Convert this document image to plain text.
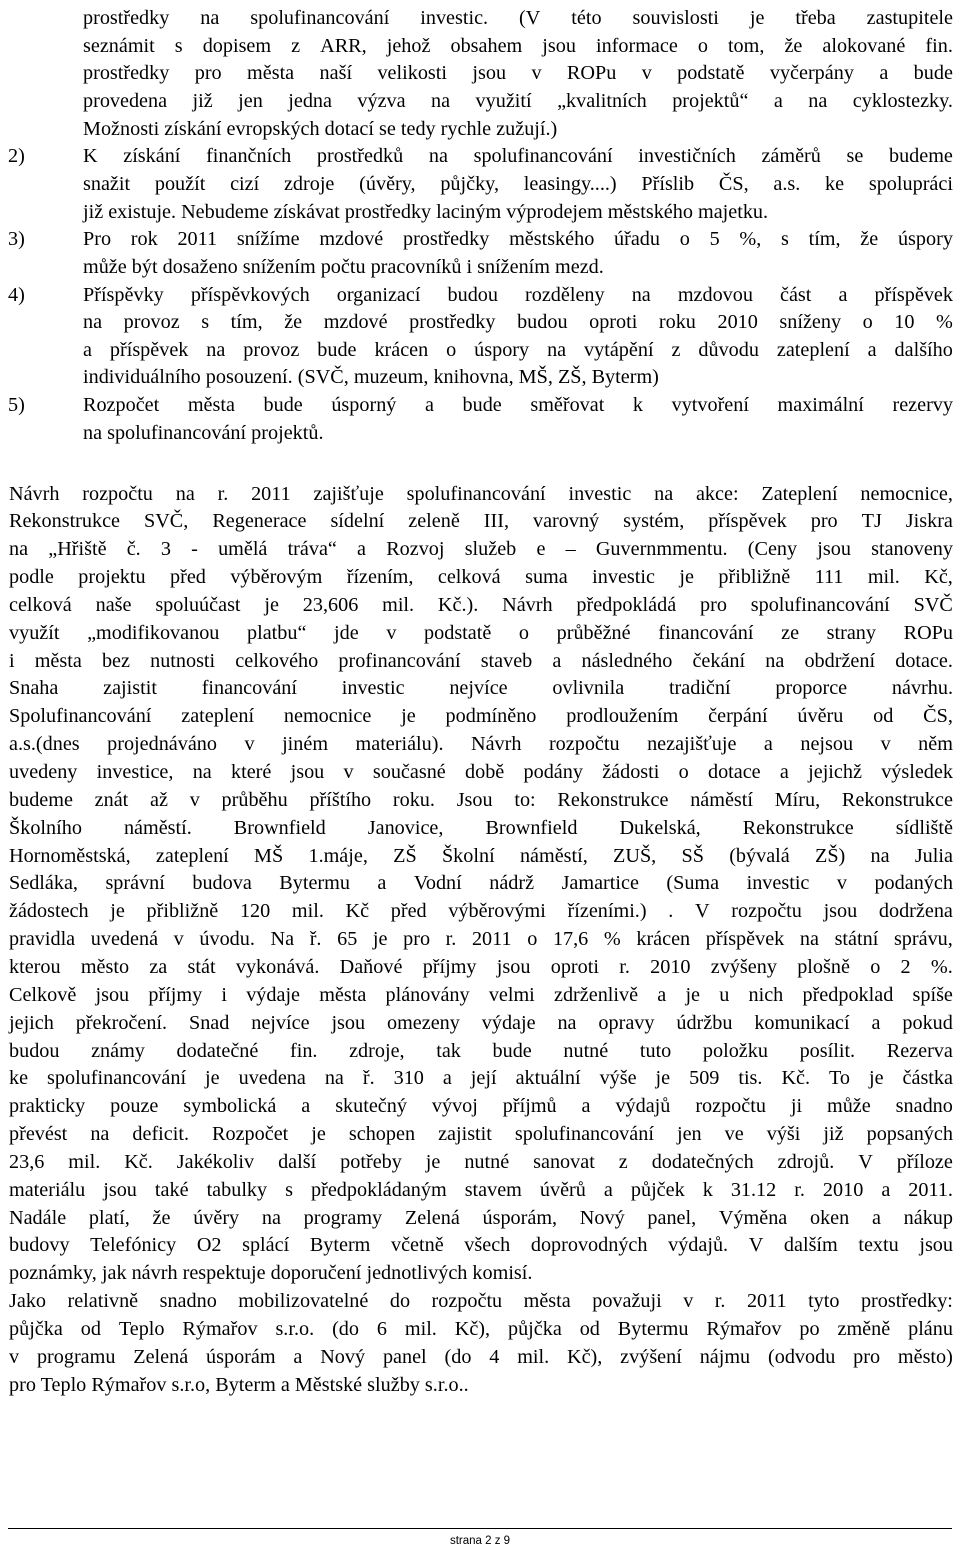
prostředky na spolufinancování investic. (V této souvislosti je třeba zastupitele
seznámit s dopisem z ARR, jehož obsahem jsou informace o tom, že alokované fin.
prostředky pro města naší velikosti jsou v ROPu v podstatě vyčerpány a bude
provedena již jen jedna výzva na využití „kvalitních projektů“ a na cyklostezky.
Možnosti získání evropských dotací se tedy rychle zužují.)
2)	K získání finančních prostředků na spolufinancování investičních záměrů se budeme
snažit použít cizí zdroje (úvěry, půjčky, leasingy....) Příslib ČS, a.s. ke spolupráci
již existuje. Nebudeme získávat prostředky laciným výprodejem městského majetku.
3)	Pro rok 2011 snížíme mzdové prostředky městského úřadu o 5 %, s tím, že úspory
může být dosaženo snížením počtu pracovníků i snížením mezd.
4)	Příspěvky příspěvkových organizací budou rozděleny na mzdovou část a příspěvek
na provoz s tím, že mzdové prostředky budou oproti roku 2010 sníženy o 10 %
a příspěvek na provoz bude krácen o úspory na vytápění z důvodu zateplení a dalšího
individuálního posouzení. (SVČ, muzeum, knihovna, MŠ, ZŠ, Byterm)
5)	Rozpočet města bude úsporný a bude směřovat k vytvoření maximální rezervy
na spolufinancování projektů.
Návrh rozpočtu na r. 2011 zajišťuje spolufinancování investic na akce: Zateplení nemocnice,
Rekonstrukce SVČ, Regenerace sídelní zeleně III, varovný systém, příspěvek pro TJ Jiskra
na „Hřiště č. 3 - umělá tráva“ a Rozvoj služeb e – Guvernmmentu. (Ceny jsou stanoveny
podle projektu před výběrovým řízením, celková suma investic je přibližně 111 mil. Kč,
celková naše spoluúčast je 23,606 mil. Kč.). Návrh předpokládá pro spolufinancování SVČ
využít „modifikovanou platbu“ jde v podstatě o průběžné financování ze strany ROPu
i města bez nutnosti celkového profinancování staveb a následného čekání na obdržení dotace.
Snaha zajistit financování investic nejvíce ovlivnila tradiční proporce návrhu.
Spolufinancování zateplení nemocnice je podmíněno prodloužením čerpání úvěru od ČS,
a.s.(dnes projednáváno v jiném materiálu). Návrh rozpočtu nezajišťuje a nejsou v něm
uvedeny investice, na které jsou v současné době podány žádosti o dotace a jejichž výsledek
budeme znát až v průběhu příštího roku. Jsou to: Rekonstrukce náměstí Míru, Rekonstrukce
Školního náměstí. Brownfield Janovice, Brownfield Dukelská, Rekonstrukce sídliště
Hornoměstská, zateplení MŠ 1.máje, ZŠ Školní náměstí, ZUŠ, SŠ (bývalá ZŠ) na Julia
Sedláka, správní budova Bytermu a Vodní nádrž Jamartice (Suma investic v podaných
žádostech je přibližně 120 mil. Kč před výběrovými řízeními.) . V rozpočtu jsou dodržena
pravidla uvedená v úvodu. Na ř. 65 je pro r. 2011 o 17,6 % krácen příspěvek na státní správu,
kterou město za stát vykonává. Daňové příjmy jsou oproti r. 2010 zvýšeny plošně o 2 %.
Celkově jsou příjmy i výdaje města plánovány velmi zdrženlivě a je u nich předpoklad spíše
jejich překročení. Snad nejvíce jsou omezeny výdaje na opravy údržbu komunikací a pokud
budou známy dodatečné fin. zdroje, tak bude nutné tuto položku posílit. Rezerva
ke spolufinancování je uvedena na ř. 310 a její aktuální výše je 509 tis. Kč. To je částka
prakticky pouze symbolická a skutečný vývoj příjmů a výdajů rozpočtu ji může snadno
převést na deficit. Rozpočet je schopen zajistit spolufinancování jen ve výši již popsaných
23,6 mil. Kč. Jakékoliv další potřeby je nutné sanovat z dodatečných zdrojů. V příloze
materiálu jsou také tabulky s předpokládaným stavem úvěrů a půjček k 31.12 r. 2010 a 2011.
Nadále platí, že úvěry na programy Zelená úsporám, Nový panel, Výměna oken a nákup
budovy Telefónicy O2 splácí Byterm včetně všech doprovodných výdajů. V dalším textu jsou
poznámky, jak návrh respektuje doporučení jednotlivých komisí.
Jako relativně snadno mobilizovatelné do rozpočtu města považuji v r. 2011 tyto prostředky:
půjčka od Teplo Rýmařov s.r.o. (do 6 mil. Kč), půjčka od Bytermu Rýmařov po změně plánu
v programu Zelená úsporám a Nový panel (do 4 mil. Kč), zvýšení nájmu (odvodu pro město)
pro Teplo Rýmařov s.r.o, Byterm a Městské služby s.r.o..
strana 2 z 9
